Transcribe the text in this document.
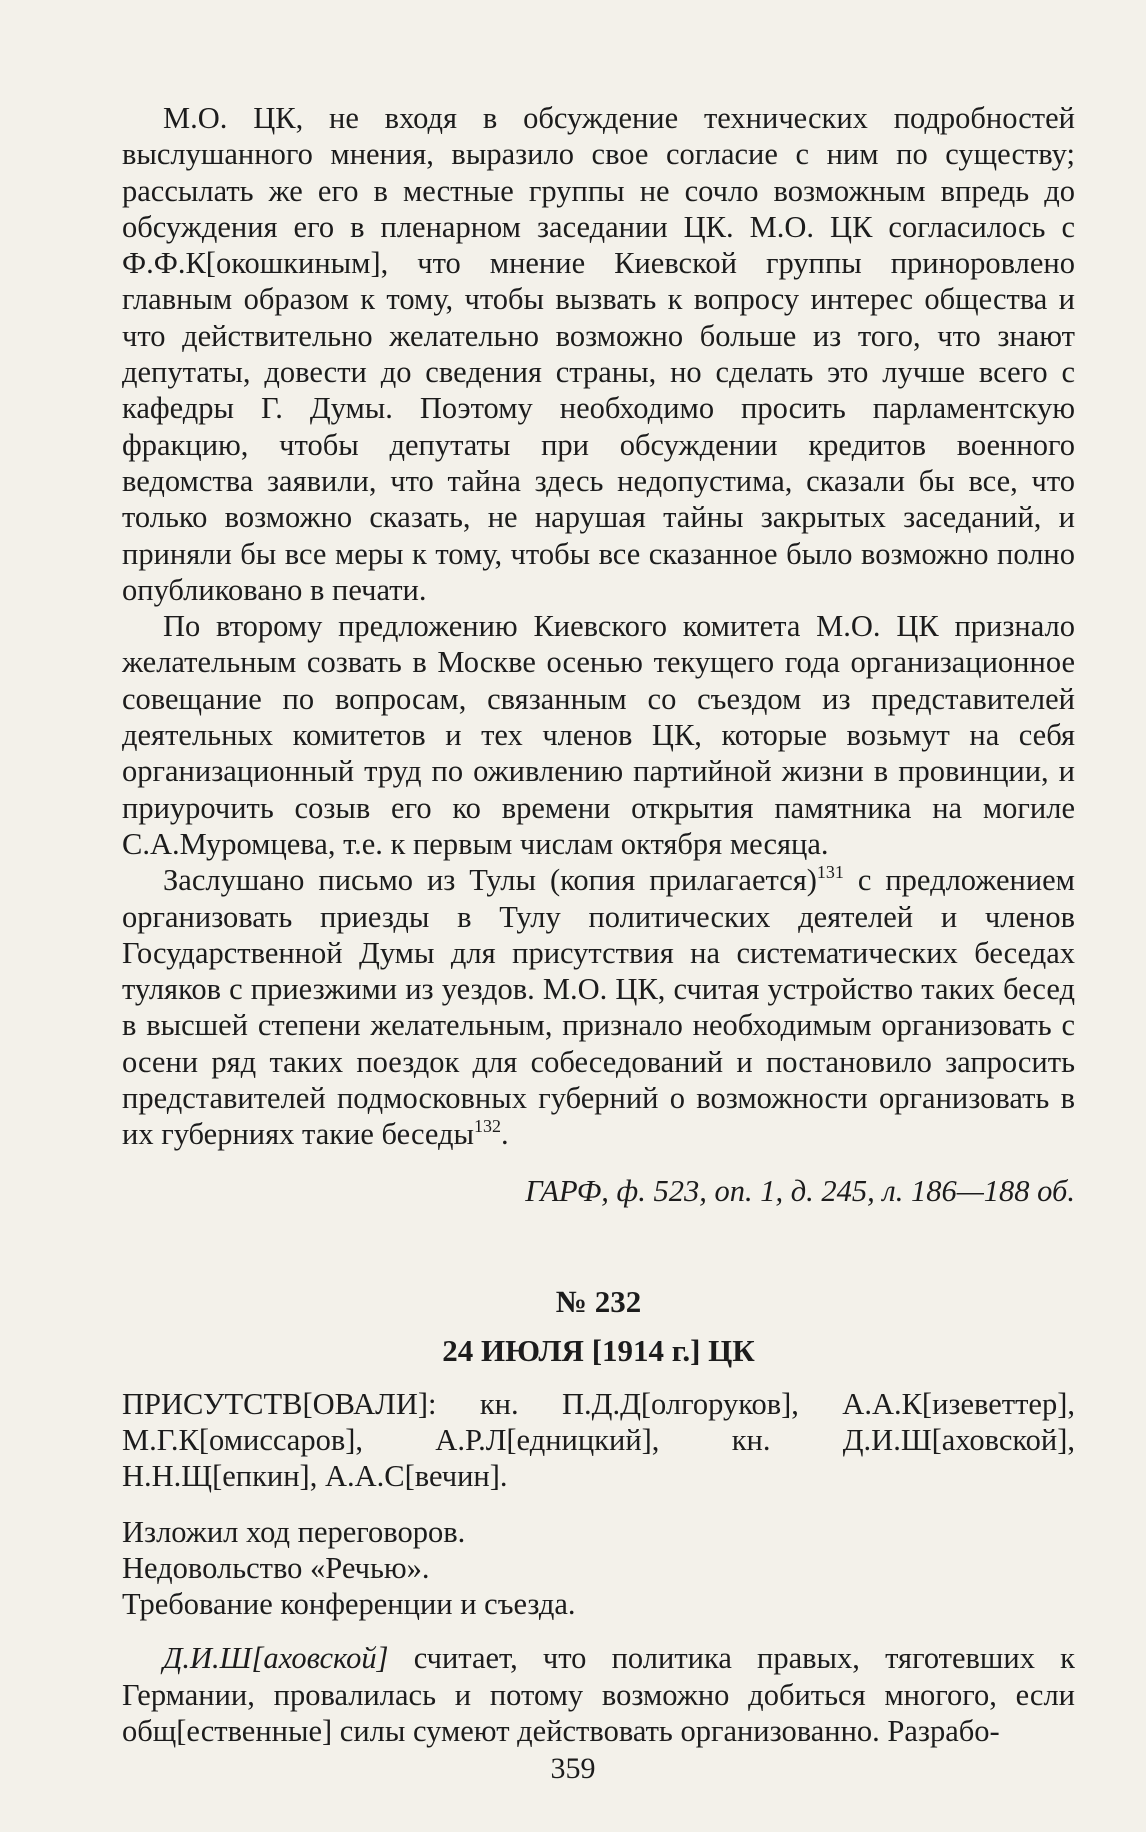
М.О. ЦК, не входя в обсуждение технических подробностей выслушанного мнения, выразило свое согласие с ним по существу; рассылать же его в местные группы не сочло возможным впредь до обсуждения его в пленарном заседании ЦК. М.О. ЦК согласилось с Ф.Ф.К[окошкиным], что мнение Киевской группы приноровлено главным образом к тому, чтобы вызвать к вопросу интерес общества и что действительно желательно возможно больше из того, что знают депутаты, довести до сведения страны, но сделать это лучше всего с кафедры Г. Думы. Поэтому необходимо просить парламентскую фракцию, чтобы депутаты при обсуждении кредитов военного ведомства заявили, что тайна здесь недопустима, сказали бы все, что только возможно сказать, не нарушая тайны закрытых заседаний, и приняли бы все меры к тому, чтобы все сказанное было возможно полно опубликовано в печати.

По второму предложению Киевского комитета М.О. ЦК признало желательным созвать в Москве осенью текущего года организационное совещание по вопросам, связанным со съездом из представителей деятельных комитетов и тех членов ЦК, которые возьмут на себя организационный труд по оживлению партийной жизни в провинции, и приурочить созыв его ко времени открытия памятника на могиле С.А.Муромцева, т.е. к первым числам октября месяца.

Заслушано письмо из Тулы (копия прилагается)$^{131}$ с предложением организовать приезды в Тулу политических деятелей и членов Государственной Думы для присутствия на систематических беседах туляков с приезжими из уездов. М.О. ЦК, считая устройство таких бесед в высшей степени желательным, признало необходимым организовать с осени ряд таких поездок для собеседований и постановило запросить представителей подмосковных губерний о возможности организовать в их губерниях такие беседы$^{132}$.

ГАРФ, ф. 523, оп. 1, д. 245, л. 186—188 об.

№ 232

24 ИЮЛЯ [1914 г.] ЦК

ПРИСУТСТВ[ОВАЛИ]: кн. П.Д.Д[олгоруков], А.А.К[изеветтер], М.Г.К[омиссаров], А.Р.Л[едницкий], кн. Д.И.Ш[аховской], Н.Н.Щ[епкин], А.А.С[вечин].

Изложил ход переговоров.

Недовольство «Речью».

Требование конференции и съезда.

Д.И.Ш[аховской] считает, что политика правых, тяготевших к Германии, провалилась и потому возможно добиться многого, если общ[ественные] силы сумеют действовать организованно. Разрабо-

359
